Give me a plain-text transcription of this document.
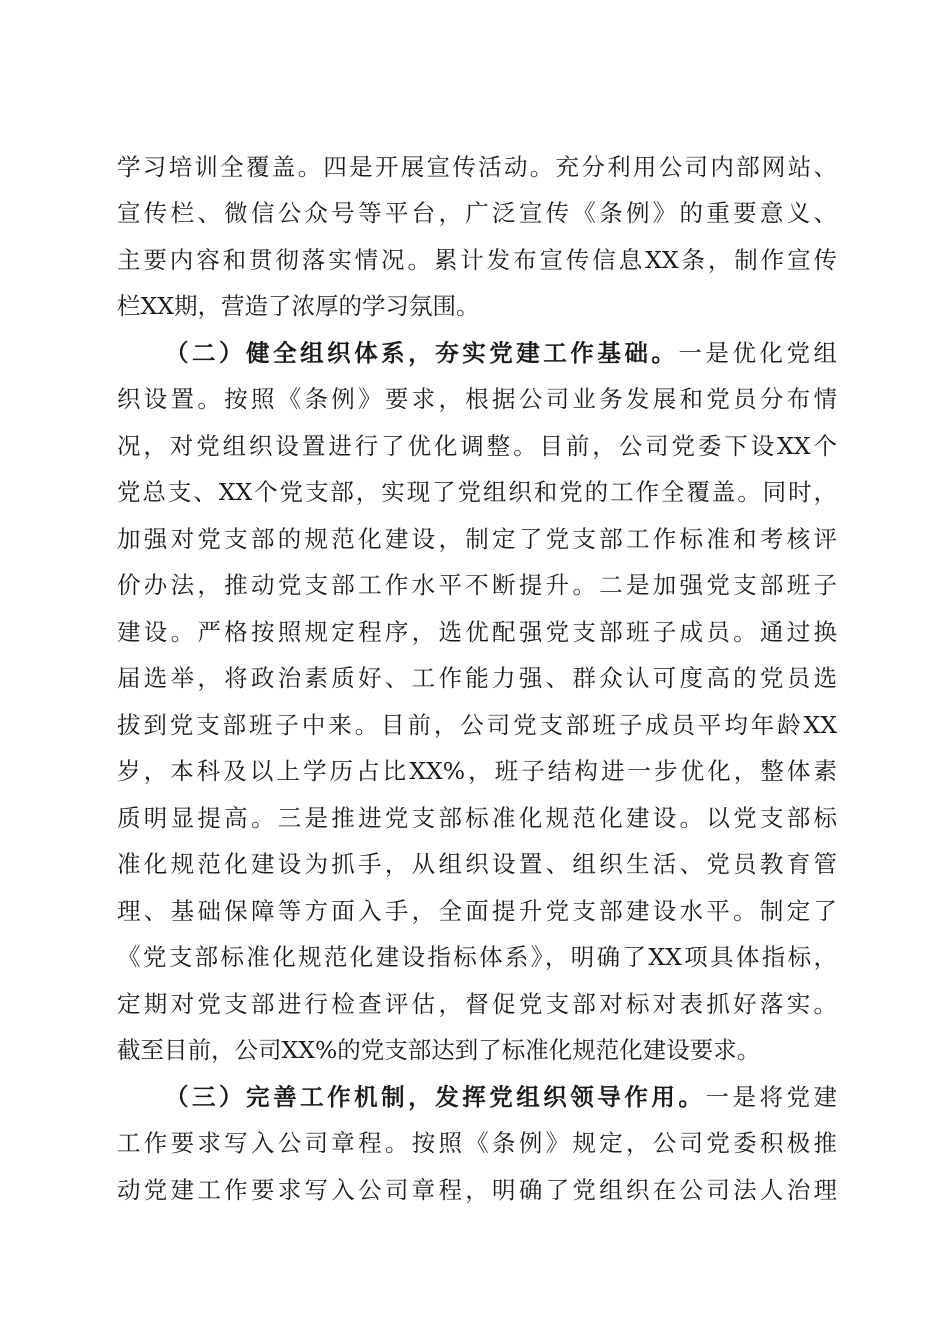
学习培训全覆盖。四是开展宣传活动。充分利用公司内部网站、
宣传栏、微信公众号等平台，广泛宣传《条例》的重要意义、
主要内容和贯彻落实情况。累计发布宣传信息XX条，制作宣传
栏XX期，营造了浓厚的学习氛围。
（二）健全组织体系，夯实党建工作基础。一是优化党组
织设置。按照《条例》要求，根据公司业务发展和党员分布情
况，对党组织设置进行了优化调整。目前，公司党委下设XX个
党总支、XX个党支部，实现了党组织和党的工作全覆盖。同时，
加强对党支部的规范化建设，制定了党支部工作标准和考核评
价办法，推动党支部工作水平不断提升。二是加强党支部班子
建设。严格按照规定程序，选优配强党支部班子成员。通过换
届选举，将政治素质好、工作能力强、群众认可度高的党员选
拔到党支部班子中来。目前，公司党支部班子成员平均年龄XX
岁，本科及以上学历占比XX%，班子结构进一步优化，整体素
质明显提高。三是推进党支部标准化规范化建设。以党支部标
准化规范化建设为抓手，从组织设置、组织生活、党员教育管
理、基础保障等方面入手，全面提升党支部建设水平。制定了
《党支部标准化规范化建设指标体系》，明确了XX项具体指标，
定期对党支部进行检查评估，督促党支部对标对表抓好落实。
截至目前，公司XX%的党支部达到了标准化规范化建设要求。
（三）完善工作机制，发挥党组织领导作用。一是将党建
工作要求写入公司章程。按照《条例》规定，公司党委积极推
动党建工作要求写入公司章程，明确了党组织在公司法人治理
